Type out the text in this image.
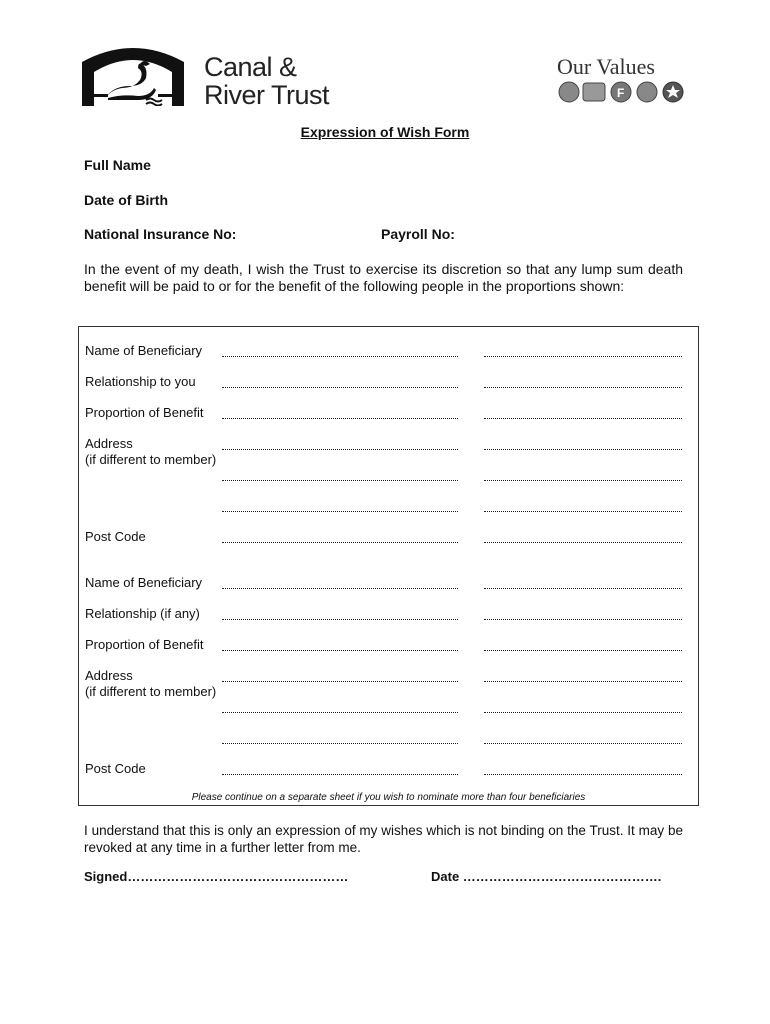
Canal &
River Trust
Our Values
F
Expression of Wish Form
Full Name
Date of Birth
National Insurance No:	Payroll No:
In the event of my death, I wish the Trust to exercise its discretion so that any lump sum death benefit will be paid to or for the benefit of the following people in the proportions shown:
Name of Beneficiary
Relationship to you
Proportion of Benefit
Address
(if different to member)
Post Code
Name of Beneficiary
Relationship (if any)
Proportion of Benefit
Address
(if different to member)
Post Code
Please continue on a separate sheet if you wish to nominate more than four beneficiaries
I understand that this is only an expression of my wishes which is not binding on the Trust. It may be revoked at any time in a further letter from me.
Signed……………………………………………	Date ……………………………………….
